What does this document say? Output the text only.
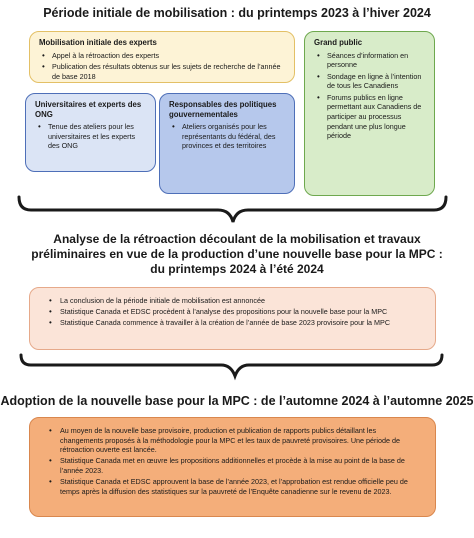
Période initiale de mobilisation : du printemps 2023 à l’hiver 2024
Mobilisation initiale des experts
• Appel à la rétroaction des experts
• Publication des résultats obtenus sur les sujets de recherche de l’année de base 2018
Universitaires et experts des ONG
• Tenue des ateliers pour les universitaires et les experts des ONG
Responsables des politiques gouvernementales
• Ateliers organisés pour les représentants du fédéral, des provinces et des territoires
Grand public
• Séances d’information en personne
• Sondage en ligne à l’intention de tous les Canadiens
• Forums publics en ligne permettant aux Canadiens de participer au processus pendant une plus longue période
Analyse de la rétroaction découlant de la mobilisation et travaux préliminaires en vue de la production d’une nouvelle base pour la MPC : du printemps 2024 à l’été 2024
• La conclusion de la période initiale de mobilisation est annoncée
• Statistique Canada et EDSC procèdent à l’analyse des propositions pour la nouvelle base pour la MPC
• Statistique Canada commence à travailler à la création de l’année de base 2023 provisoire pour la MPC
Adoption de la nouvelle base pour la MPC : de l’automne 2024 à l’automne 2025
• Au moyen de la nouvelle base provisoire, production et publication de rapports publics détaillant les changements proposés à la méthodologie pour la MPC et les taux de pauvreté provisoires. Une période de rétroaction ouverte est lancée.
• Statistique Canada met en œuvre les propositions additionnelles et procède à la mise au point de la base de l’année 2023.
• Statistique Canada et EDSC approuvent la base de l’année 2023, et l’approbation est rendue officielle peu de temps après la diffusion des statistiques sur la pauvreté de l’Enquête canadienne sur le revenu de 2023.
